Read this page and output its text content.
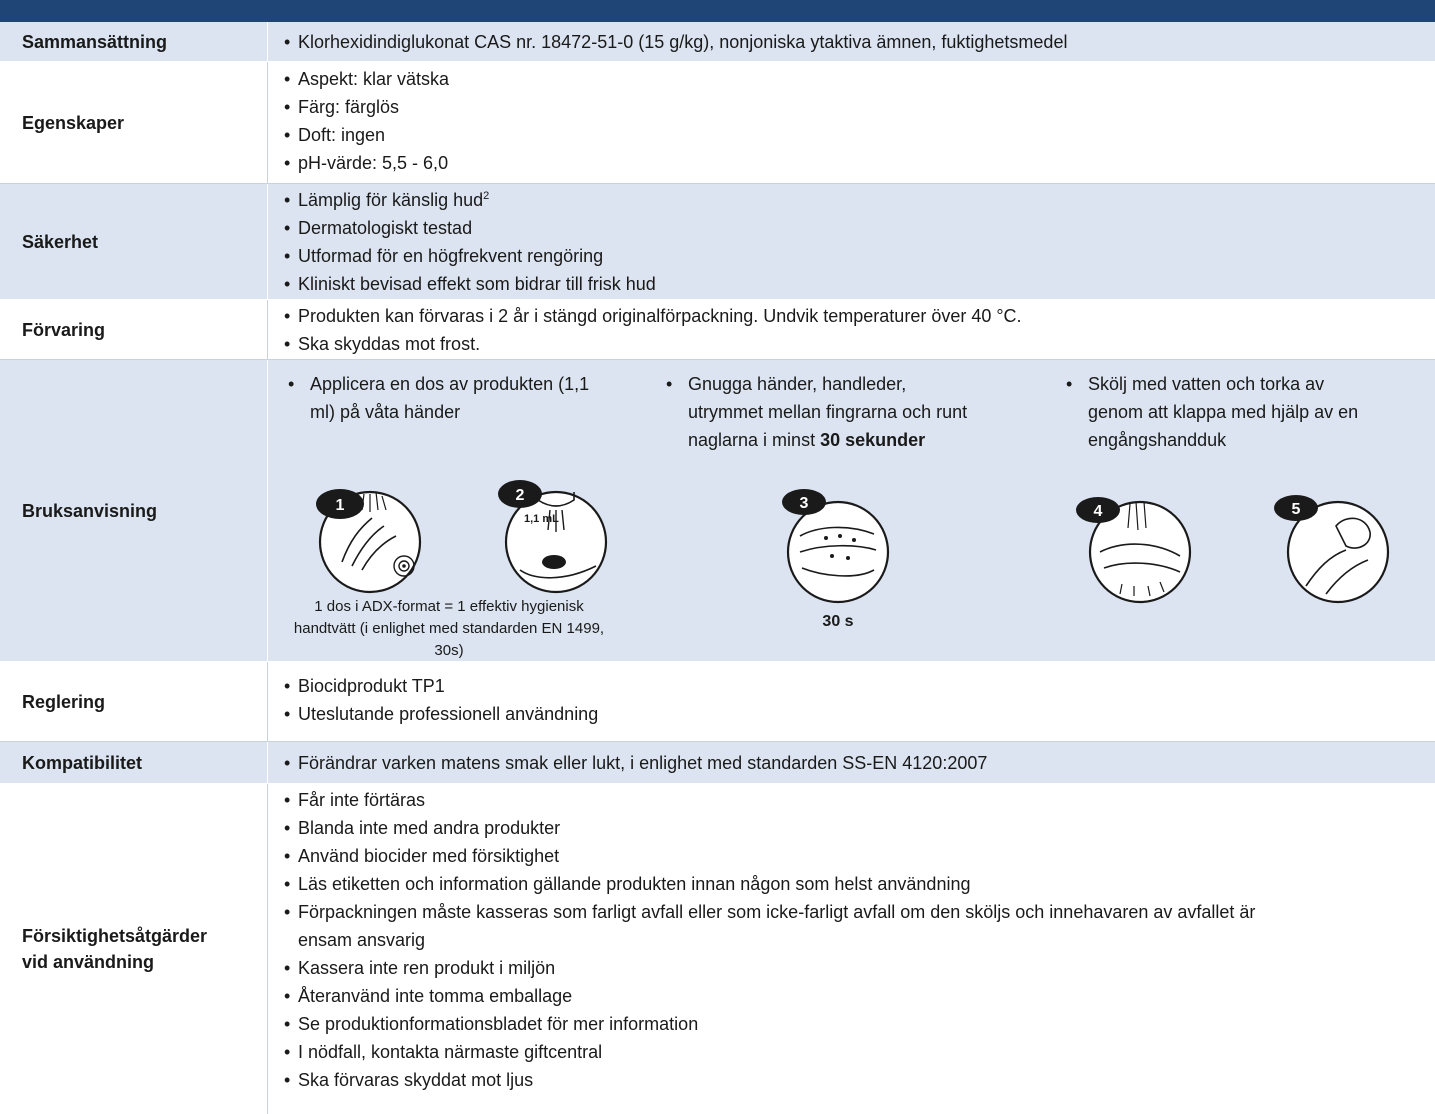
Sammansättning	• Klorhexidindiglukonat CAS nr. 18472-51-0 (15 g/kg), nonjoniska ytaktiva ämnen, fuktighetsmedel
Egenskaper
• Aspekt: klar vätska
• Färg: färglös
• Doft: ingen
• pH-värde: 5,5 - 6,0
Säkerhet
• Lämplig för känslig hud$^2$
• Dermatologiskt testad
• Utformad för en högfrekvent rengöring
• Kliniskt bevisad effekt som bidrar till frisk hud
Förvaring
• Produkten kan förvaras i 2 år i stängd originalförpackning. Undvik temperaturer över 40 °C.
• Ska skyddas mot frost.
Bruksanvisning
• Applicera en dos av produkten (1,1
ml) på våta händer
• Gnugga händer, handleder,
utrymmet mellan fingrarna och runt
naglarna i minst 30 sekunder
• Skölj med vatten och torka av
genom att klappa med hjälp av en
engångshandduk
1
1,1 mL
2	3
30 s
4	5
1 dos i ADX-format = 1 effektiv hygienisk
handtvätt (i enlighet med standarden EN 1499,
30s)
Reglering
• Biocidprodukt TP1
• Uteslutande professionell användning
Kompatibilitet	• Förändrar varken matens smak eller lukt, i enlighet med standarden SS-EN 4120:2007
Försiktighetsåtgärder
vid användning
• Får inte förtäras
• Blanda inte med andra produkter
• Använd biocider med försiktighet
• Läs etiketten och information gällande produkten innan någon som helst användning
• Förpackningen måste kasseras som farligt avfall eller som icke-farligt avfall om den sköljs och innehavaren av avfallet är
ensam ansvarig
• Kassera inte ren produkt i miljön
• Återanvänd inte tomma emballage
• Se produktionformationsbladet för mer information
• I nödfall, kontakta närmaste giftcentral
• Ska förvaras skyddat mot ljus
